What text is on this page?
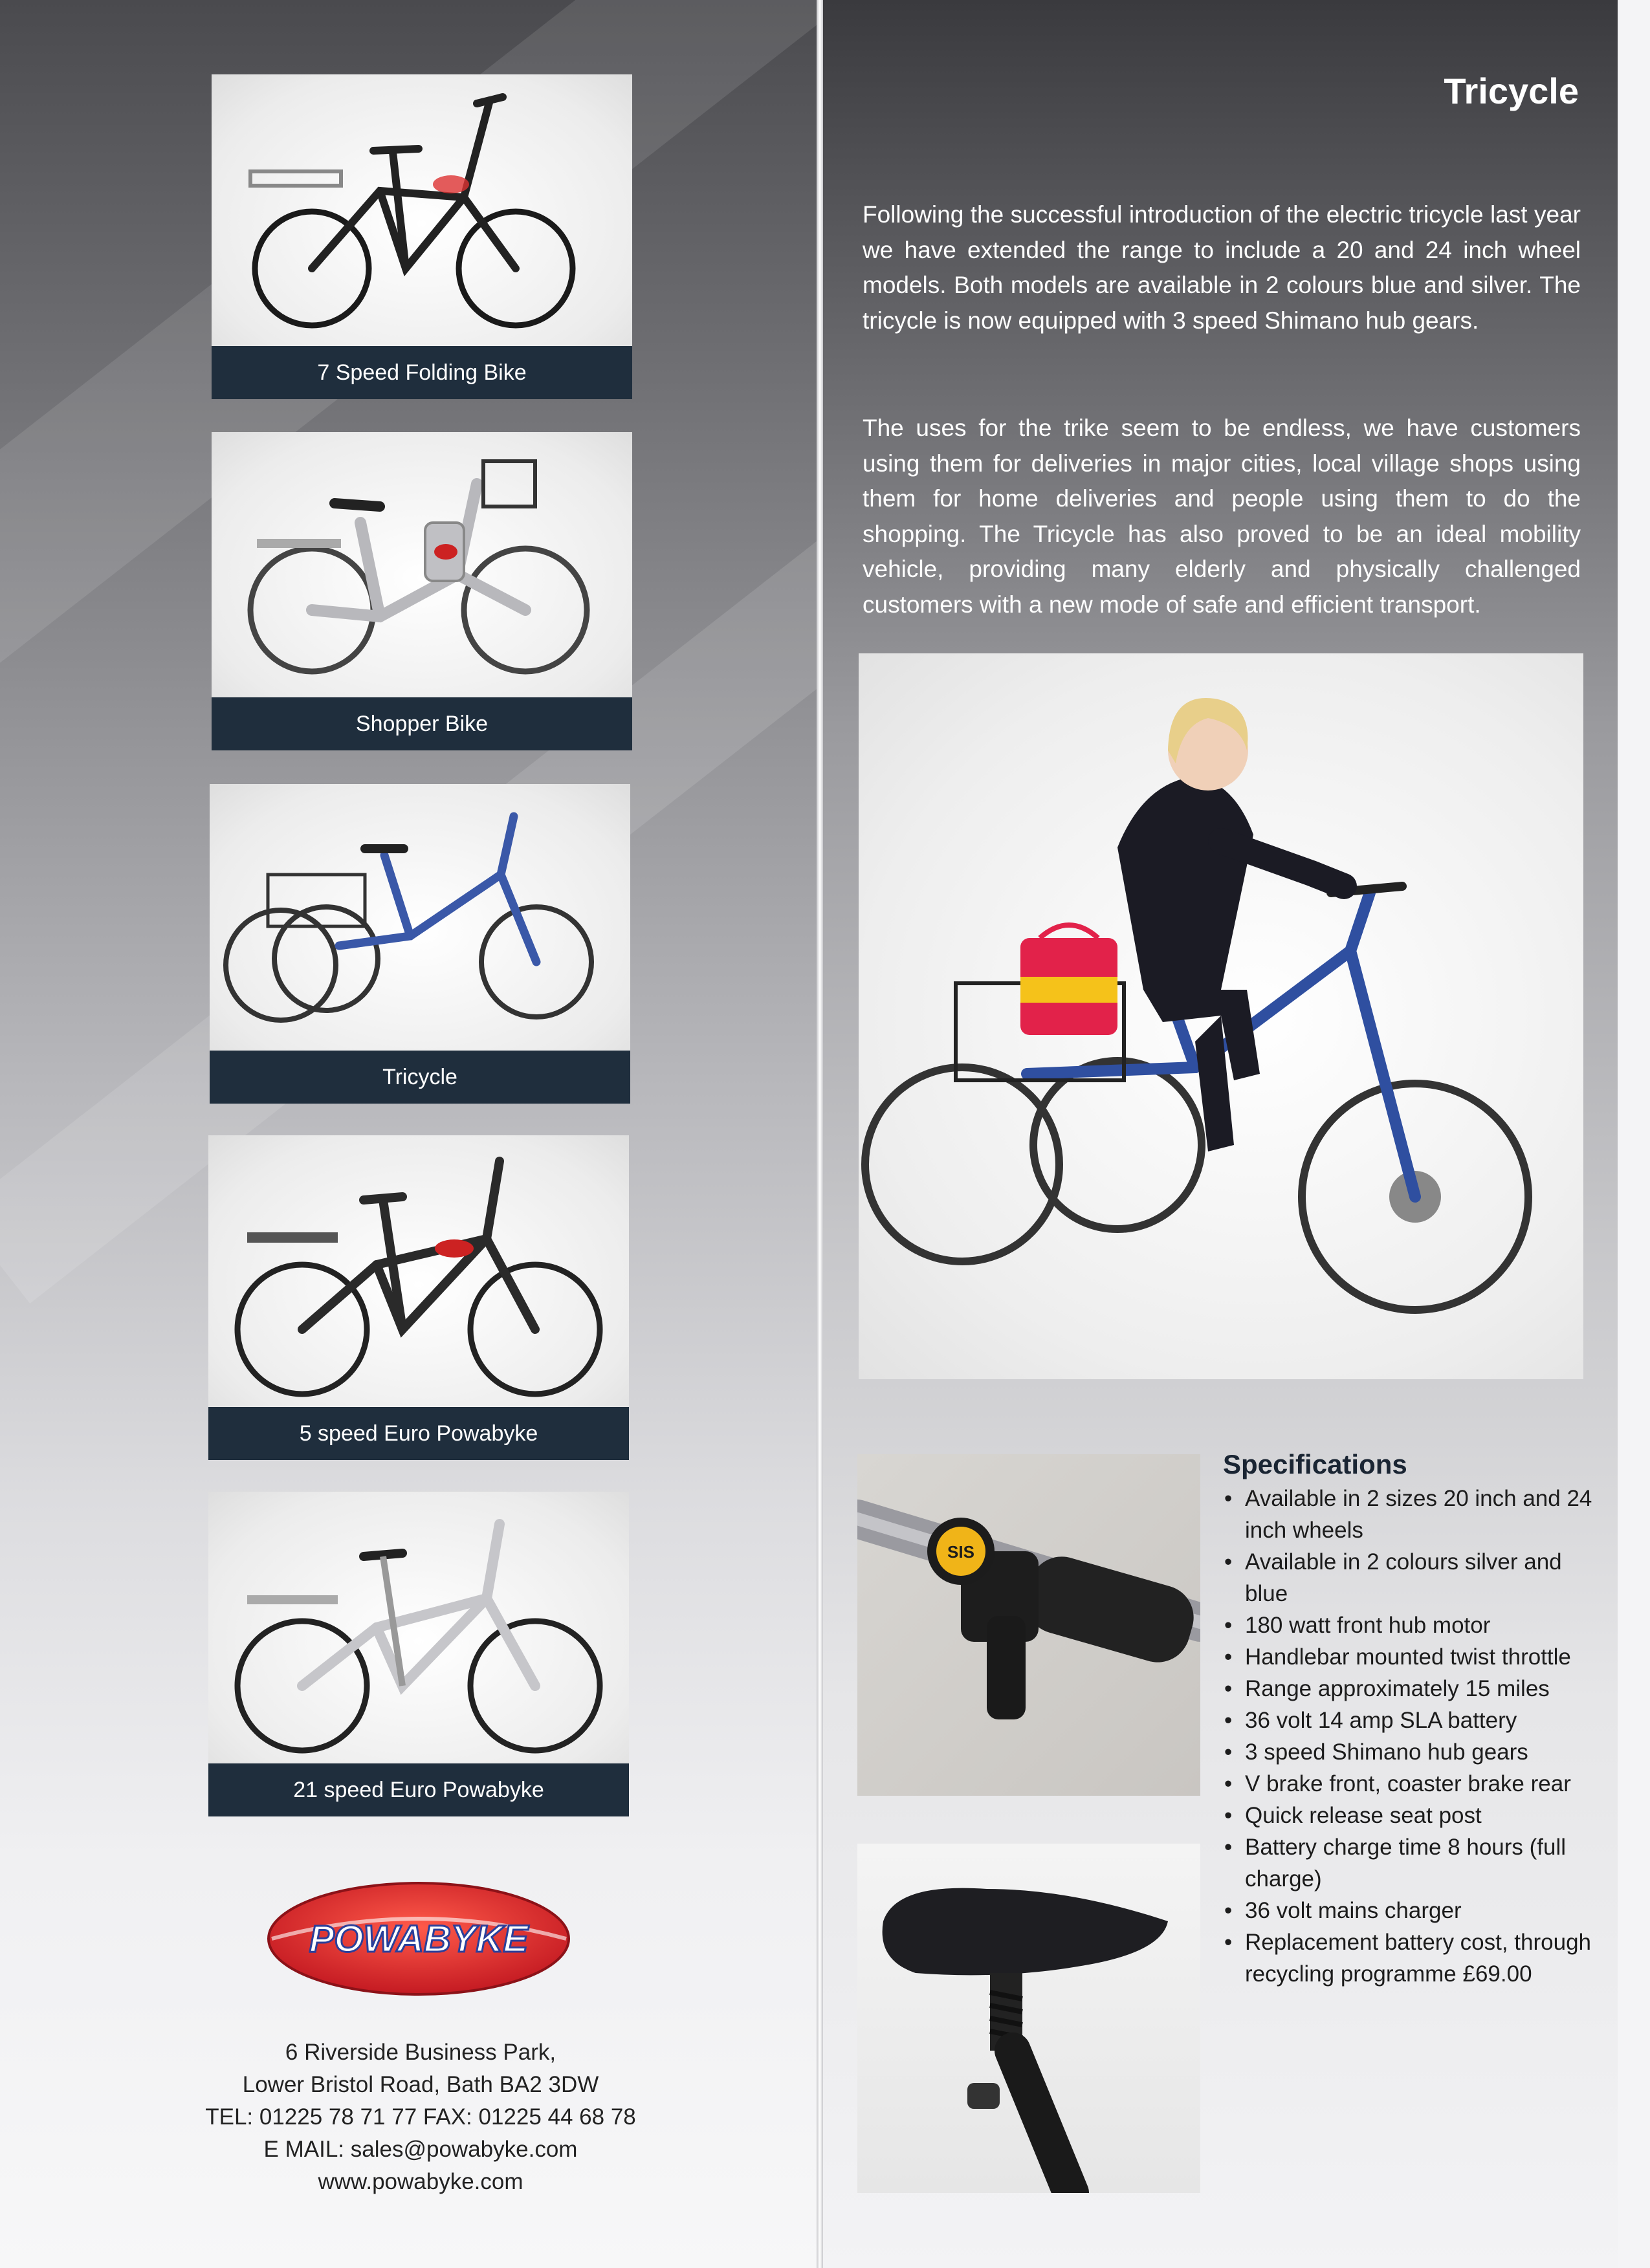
7 Speed Folding Bike
Shopper Bike
Tricycle
5 speed Euro Powabyke
21 speed Euro Powabyke
POWABYKE
6 Riverside Business Park,
Lower Bristol Road, Bath BA2 3DW
TEL: 01225 78 71 77 FAX: 01225 44 68 78
E MAIL: sales@powabyke.com
www.powabyke.com
Tricycle
Following the successful introduction of the electric tricycle last year we have extended the range to include a 20 and 24 inch wheel models. Both models are available in 2 colours blue and silver. The tricycle is now equipped with 3 speed Shimano hub gears.
The uses for the trike seem to be endless, we have customers using them for deliveries in major cities, local village shops using them for home deliveries and people using them to do the shopping. The Tricycle has also proved to be an ideal mobility vehicle, providing many elderly and physically challenged customers with a new mode of safe and efficient transport.
SIS
Specifications
• Available in 2 sizes 20 inch and 24 inch wheels
• Available in 2 colours silver and blue
• 180 watt front hub motor
• Handlebar mounted twist throttle
• Range approximately 15 miles
• 36 volt 14 amp SLA battery
• 3 speed Shimano hub gears
• V brake front, coaster brake rear
• Quick release seat post
• Battery charge time 8 hours (full charge)
• 36 volt mains charger
• Replacement battery cost, through recycling programme £69.00
